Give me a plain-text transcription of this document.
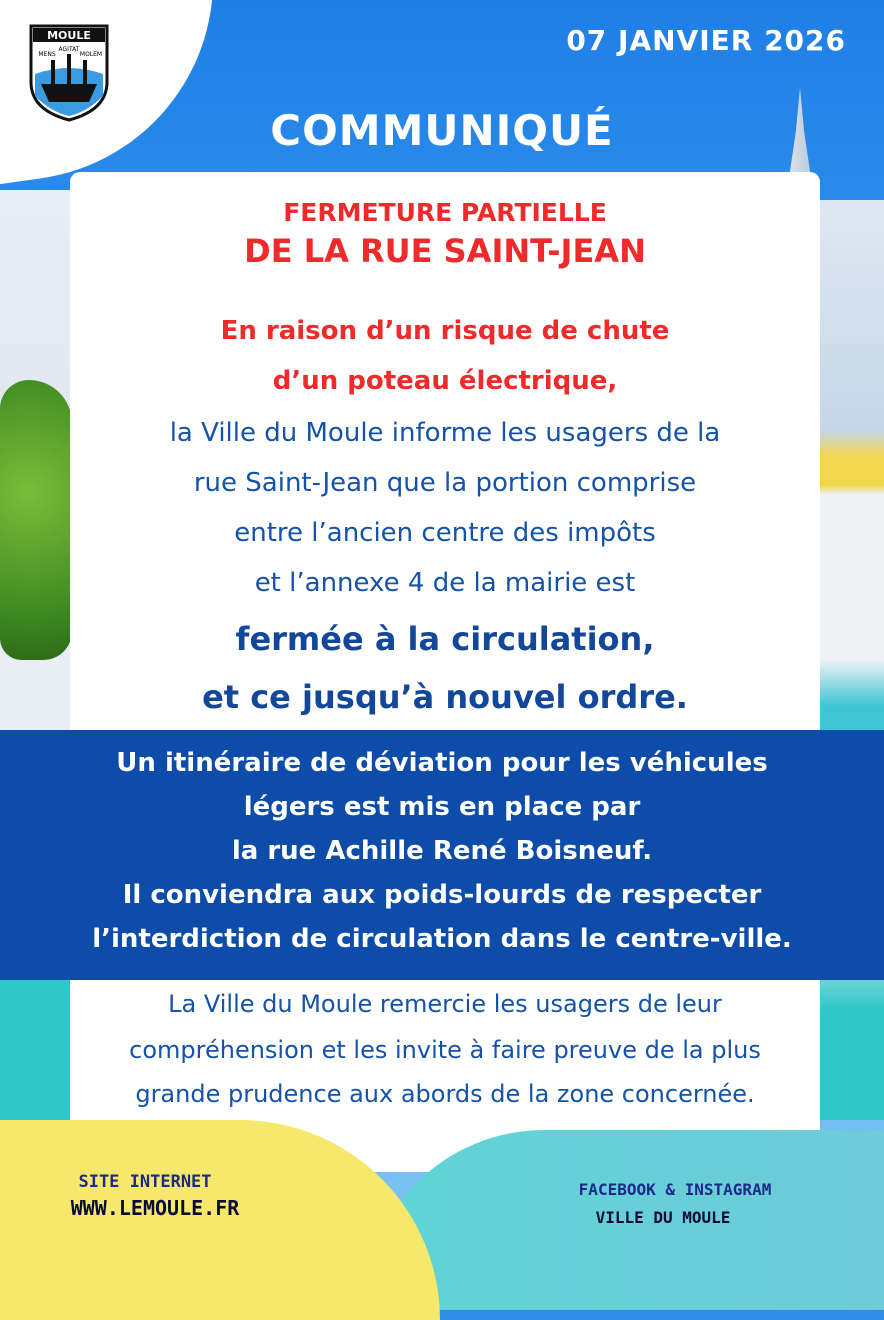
MOULE
MENS
AGITAT
MOLEM	07 JANVIER 2026
COMMUNIQUÉ
FERMETURE PARTIELLE
DE LA RUE SAINT-JEAN
En raison d’un risque de chute
d’un poteau électrique,
la Ville du Moule informe les usagers de la
rue Saint-Jean que la portion comprise
entre l’ancien centre des impôts
et l’annexe 4 de la mairie est
fermée à la circulation,
et ce jusqu’à nouvel ordre.
Un itinéraire de déviation pour les véhicules
légers est mis en place par
la rue Achille René Boisneuf.
Il conviendra aux poids-lourds de respecter
l’interdiction de circulation dans le centre-ville.
La Ville du Moule remercie les usagers de leur
compréhension et les invite à faire preuve de la plus
grande prudence aux abords de la zone concernée.
SITE INTERNET
WWW.LEMOULE.FR
FACEBOOK & INSTAGRAM
VILLE DU MOULE
